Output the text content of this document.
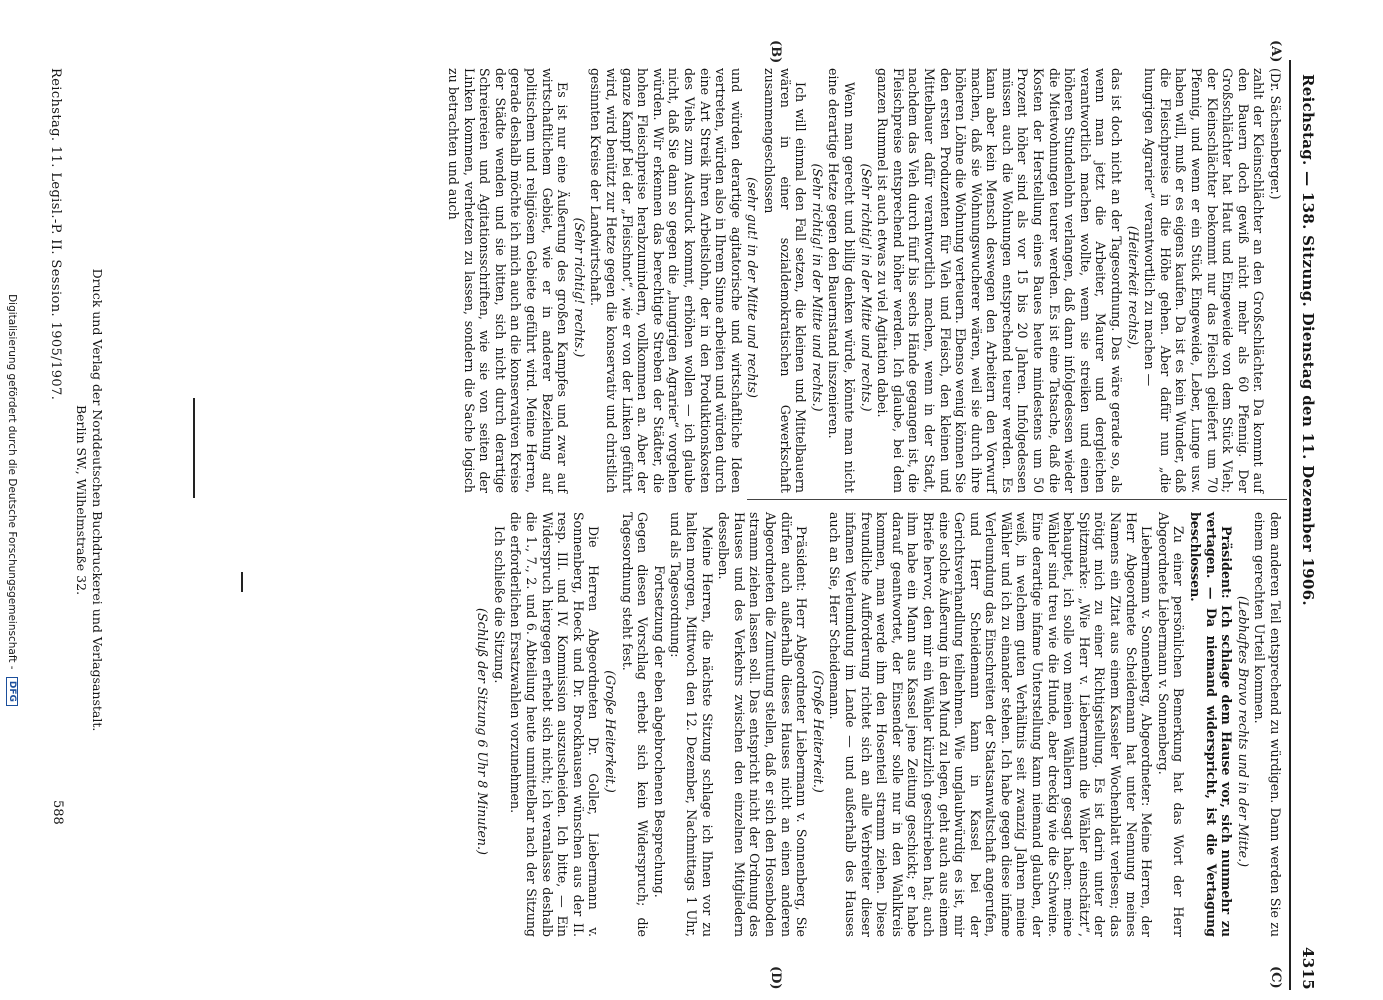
Reichstag. — 138. Sitzung. Dienstag den 11. Dezember 1906.
4315
(A)
(B)
(C)
(D)

(Dr. Sächsenberger.)

zahlt der Kleinschlächter an den Großschlächter. Da kommt auf den Bauern doch gewiß nicht mehr als 60 Pfennig. Der Großschlächter hat Haut und Eingeweide von dem Stück Vieh; der Kleinschlächter bekommt nur das Fleisch geliefert um 70 Pfennig, und wenn er ein Stück Eingeweide, Leber, Lunge usw. haben will, muß er es eigens kaufen. Da ist es kein Wunder, daß die Fleischpreise in die Höhe gehen. Aber dafür nun „die hungrigen Agrarier“ verantwortlich zu machen —

(Heiterkeit rechts),

das ist doch nicht an der Tagesordnung. Das wäre gerade so, als wenn man jetzt die Arbeiter, Maurer und dergleichen verantwortlich machen wollte, wenn sie streiken und einen höheren Stundenlohn verlangen, daß dann infolgedessen wieder die Mietwohnungen teurer werden. Es ist eine Tatsache, daß die Kosten der Herstellung eines Baues heute mindestens um 50 Prozent höher sind als vor 15 bis 20 Jahren. Infolgedessen müssen auch die Wohnungen entsprechend teurer werden. Es kann aber kein Mensch deswegen den Arbeitern den Vorwurf machen, daß sie Wohnungswucherer wären, weil sie durch ihre höheren Löhne die Wohnung verteuern. Ebenso wenig können Sie den ersten Produzenten für Vieh und Fleisch, den kleinen und Mittelbauer dafür verantwortlich machen, wenn in der Stadt, nachdem das Vieh durch fünf bis sechs Hände gegangen ist, die Fleischpreise entsprechend höher werden. Ich glaube, bei dem ganzen Rummel ist auch etwas zu viel Agitation dabei.

(Sehr richtig! in der Mitte und rechts.)

Wenn man gerecht und billig denken würde, könnte man nicht eine derartige Hetze gegen den Bauernstand inszenieren.

(Sehr richtig! in der Mitte und rechts.)

Ich will einmal den Fall setzen, die kleinen und Mittelbauern wären in einer sozialdemokratischen Gewerkschaft zusammengeschlossen

(sehr gut! in der Mitte und rechts)

und würden derartige agitatorische und wirtschaftliche Ideen vertreten, würden also in Ihrem Sinne arbeiten und würden durch eine Art Streik ihren Arbeitslohn, der in den Produktionskosten des Viehs zum Ausdruck kommt, erhöhen wollen — ich glaube nicht, daß Sie dann so gegen die „hungrigen Agrarier“ vorgehen würden. Wir erkennen das berechtigte Streben der Städter, die hohen Fleischpreise herabzumindern, vollkommen an. Aber der ganze Kampf bei der „Fleischnot“, wie er von der Linken geführt wird, wird benützt zur Hetze gegen die konservativ und christlich gesinnten Kreise der Landwirtschaft.

(Sehr richtig! rechts.)

Es ist nur eine Äußerung des großen Kampfes und zwar auf wirtschaftlichem Gebiet, wie er in anderer Beziehung auf politischem und religiösem Gebiete geführt wird. Meine Herren, gerade deshalb möchte ich mich auch an die konservativen Kreise der Städte wenden und sie bitten, sich nicht durch derartige Schreiereien und Agitationsschriften, wie sie von seiten der Linken kommen, verhetzen zu lassen, sondern die Sache logisch zu betrachten und auch

dem anderen Teil entsprechend zu würdigen. Dann werden Sie zu einem gerechten Urteil kommen.

(Lebhaftes Bravo rechts und in der Mitte.)

Präsident: Ich schlage dem Hause vor, sich nunmehr zu vertagen. — Da niemand widerspricht, ist die Vertagung beschlossen.

Zu einer persönlichen Bemerkung hat das Wort der Herr Abgeordnete Liebermann v. Sonnenberg.

Liebermann v. Sonnenberg, Abgeordneter: Meine Herren, der Herr Abgeordnete Scheidemann hat unter Nennung meines Namens ein Zitat aus einem Kasseler Wochenblatt verlesen; das nötigt mich zu einer Richtigstellung. Es ist darin unter der Spitzmarke: „Wie Herr v. Liebermann die Wähler einschätzt“, behauptet, ich solle von meinen Wählern gesagt haben: meine Wähler sind treu wie die Hunde, aber dreckig wie die Schweine. Eine derartige infame Unterstellung kann niemand glauben, der weiß, in welchem guten Verhältnis seit zwanzig Jahren meine Wähler und ich zu einander stehen. Ich habe gegen diese infame Verleumdung das Einschreiten der Staatsanwaltschaft angerufen, und Herr Scheidemann kann in Kassel bei der Gerichtsverhandlung teilnehmen. Wie unglaubwürdig es ist, mir eine solche Äußerung in den Mund zu legen, geht auch aus einem Briefe hervor, den mir ein Wähler kürzlich geschrieben hat; auch ihm habe ein Mann aus Kassel jene Zeitung geschickt; er habe darauf geantwortet, der Einsender solle nur in den Wahlkreis kommen, man werde ihm den Hosenteil stramm ziehen. Diese freundliche Aufforderung richtet sich an alle Verbreiter dieser infamen Verleumdung im Lande — und außerhalb des Hauses auch an Sie, Herr Scheidemann.

(Große Heiterkeit.)

Präsident: Herr Abgeordneter Liebermann v. Sonnenberg, Sie dürfen auch außerhalb dieses Hauses nicht an einen anderen Abgeordneten die Zumutung stellen, daß er sich den Hosenboden stramm ziehen lassen soll. Das entspricht nicht der Ordnung des Hauses und des Verkehrs zwischen den einzelnen Mitgliedern desselben.

Meine Herren, die nächste Sitzung schlage ich Ihnen vor zu halten morgen, Mittwoch den 12. Dezember, Nachmittags 1 Uhr, und als Tagesordnung:

Fortsetzung der eben abgebrochenen Besprechung.

Gegen diesen Vorschlag erhebt sich kein Widerspruch; die Tagesordnung steht fest.

(Große Heiterkeit.)

Die Herren Abgeordneten Dr. Goller, Liebermann v. Sonnenberg, Hoeck und Dr. Brockhausen wünschen aus der II. resp. III. und IV. Kommission auszuscheiden. Ich bitte, — Ein Widerspruch hiergegen erhebt sich nicht; ich veranlasse deshalb die 1., 7., 2. und 6. Abteilung heute unmittelbar nach der Sitzung die erforderlichen Ersatzwahlen vorzunehmen.

Ich schließe die Sitzung.

(Schluß der Sitzung 6 Uhr 8 Minuten.)

Druck und Verlag der Norddeutschen Buchdruckerei und Verlagsanstalt.
Berlin SW., Wilhelmstraße 32.
Reichstag. 11. Legisl.-P. II. Session. 1905/1907.
588
Digitalisierung gefördert durch die Deutsche Forschungsgemeinschaft - DFG
